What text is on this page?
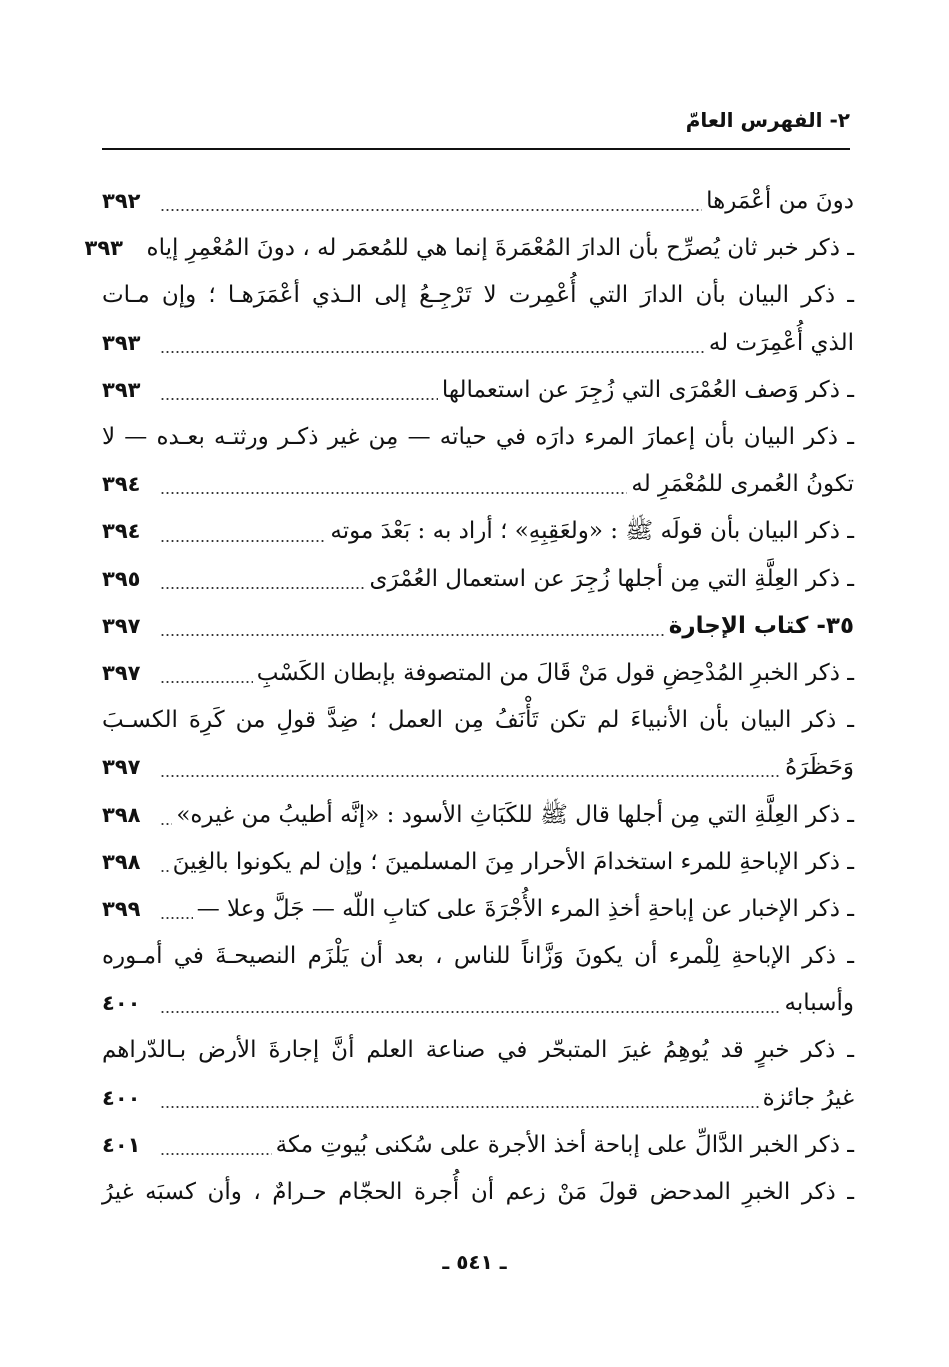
٢- الفهرس العامّ
دونَ من أعْمَرها
٣٩٢
ـ ذكر خبر ثان يُصرِّح بأن الدارَ المُعْمَرةَ إنما هي للمُعمَر له ، دونَ المُعْمِرِ إياه
٣٩٣
ـ ذكر البيان بأن الدارَ التي أُعْمِرت لا تَرْجِـعُ إلى الـذي أعْمَرَهـا ؛ وإن مـات
الذي أُعْمِرَت له
٣٩٣
ـ ذكر وَصف العُمْرَى التي زُجِرَ عن استعمالها
٣٩٣
ـ ذكر البيان بأن إعمارَ المرء دارَه في حياته — مِن غير ذكـر ورثتـه بعـده — لا
تكونُ العُمرى للمُعْمَرِ له
٣٩٤
ـ ذكر البيان بأن قولَه ﷺ : «ولعَقِبِهِ» ؛ أراد به : بَعْدَ موته
٣٩٤
ـ ذكر العِلَّةِ التي مِن أجلها زُجِرَ عن استعمال العُمْرَى
٣٩٥
٣٥- كتاب الإجارة
٣٩٧
ـ ذكر الخبرِ المُدْحِضِ قول مَنْ قَالَ من المتصوفة بإبطان الكَسْبِ
٣٩٧
ـ ذكر البيان بأن الأنبياءَ لم تكن تَأْنَفُ مِن العمل ؛ ضِدَّ قولِ من كَرِهَ الكسـبَ
وَحَظَرَهُ
٣٩٧
ـ ذكر العِلَّةِ التي مِن أجلها قال ﷺ للكَبَاثِ الأسود : «إنَّه أطيبُ من غيره»
٣٩٨
ـ ذكر الإباحةِ للمرء استخدامَ الأحرار مِنَ المسلمينَ ؛ وإن لم يكونوا بالغِينَ
٣٩٨
ـ ذكر الإخبار عن إباحةِ أخذِ المرء الأُجْرَةَ على كتابِ اللّه — جَلَّ وعلا —
٣٩٩
ـ ذكر الإباحةِ لِلْمرء أن يكونَ وَزَّاناً للناس ، بعد أن يَلْزَم النصيحـةَ في أمـوره
وأسبابه
٤٠٠
ـ ذكر خبرٍ قد يُوهِمُ غيرَ المتبحّر في صناعة العلم أنَّ إجارةَ الأرض بـالدّراهم
غيرُ جائزة
٤٠٠
ـ ذكر الخبر الدَّالِّ على إباحة أخذ الأجرة على سُكنى بُيوتِ مكة
٤٠١
ـ ذكر الخبرِ المدحض قولَ مَنْ زعم أن أُجرة الحجّام حـرامٌ ، وأن كسبَه غيرُ
ـ ٥٤١ ـ
